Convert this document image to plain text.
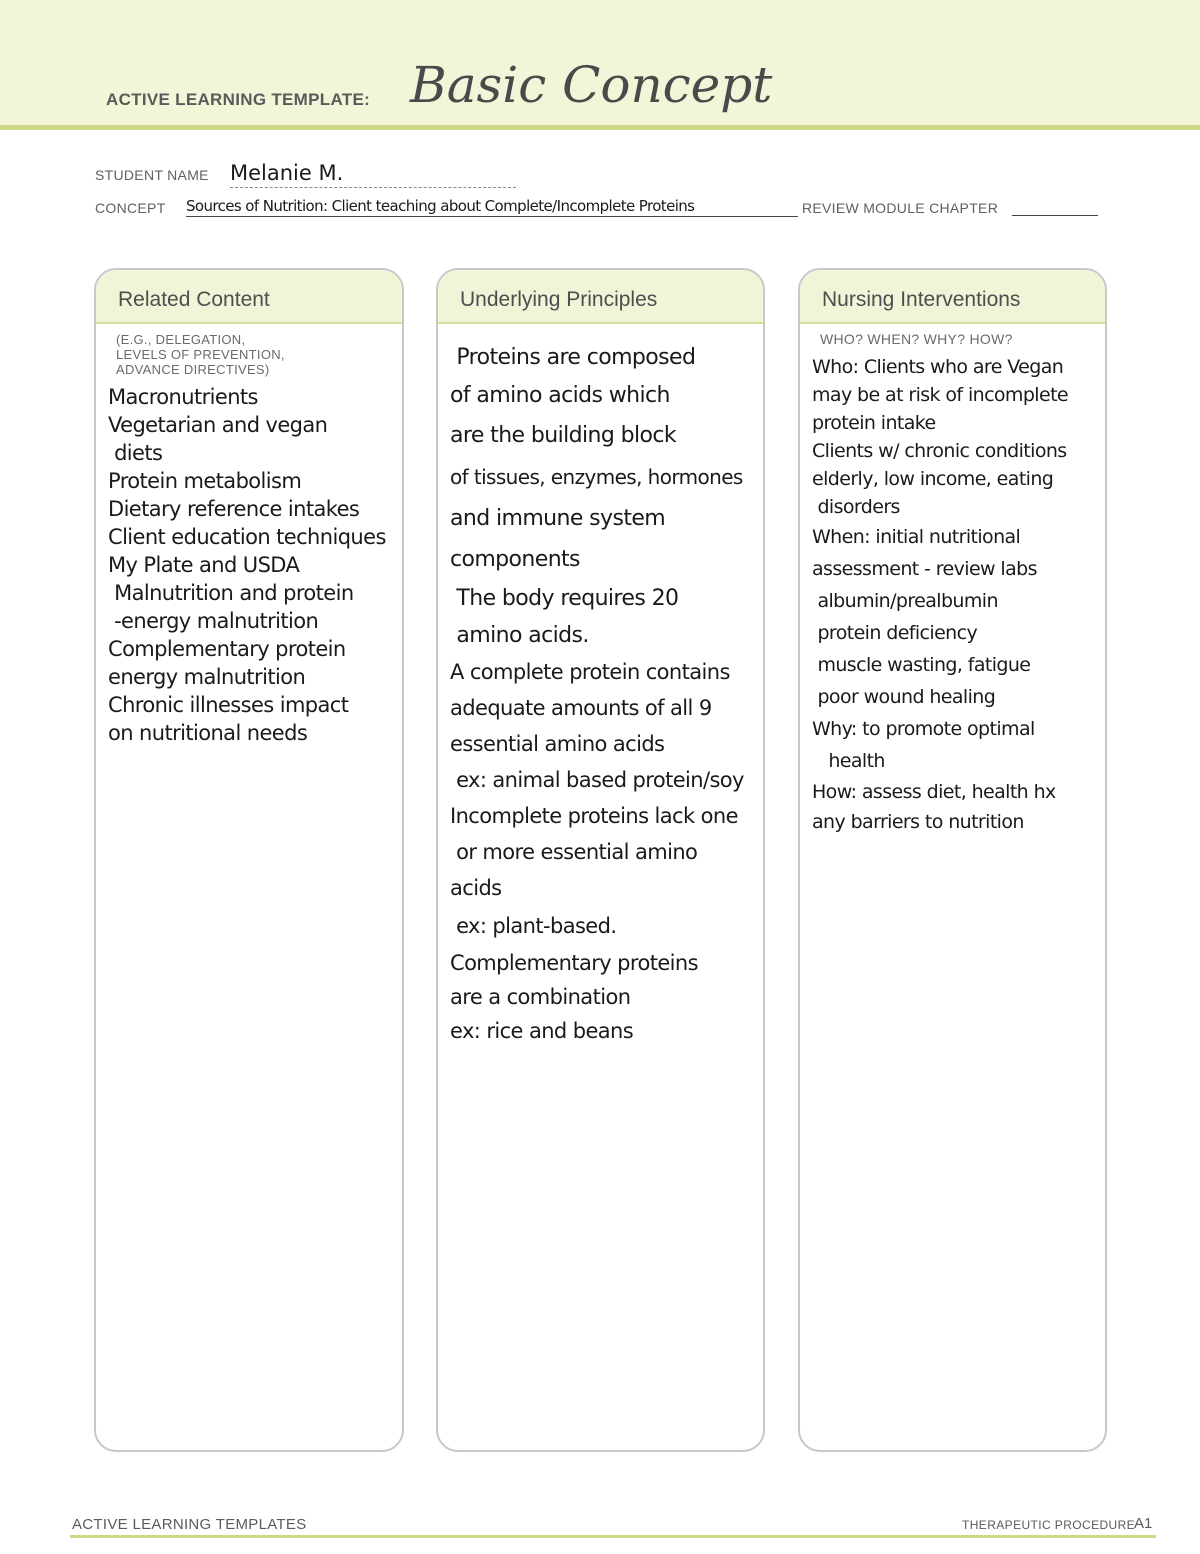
ACTIVE LEARNING TEMPLATE: Basic Concept
STUDENT NAME Melanie M.
CONCEPT Sources of Nutrition: Client teaching about Complete/Incomplete Proteins	REVIEW MODULE CHAPTER
Related Content
(E.G., DELEGATION,
LEVELS OF PREVENTION,
ADVANCE DIRECTIVES)
Macronutrients
Vegetarian and vegan
diets
Protein metabolism
Dietary reference intakes
Client education techniques
My Plate and USDA
Malnutrition and protein
-energy malnutrition
Complementary protein
energy malnutrition
Chronic illnesses impact
on nutritional needs
Underlying Principles
Proteins are composed
of amino acids which
are the building block
of tissues, enzymes, hormones
and immune system
components
The body requires 20
amino acids.
A complete protein contains
adequate amounts of all 9
essential amino acids
ex: animal based protein/soy
Incomplete proteins lack one
or more essential amino acids
ex: plant-based.
Complementary proteins
are a combination
ex: rice and beans
Nursing Interventions
WHO? WHEN? WHY? HOW?
Who: Clients who are Vegan
may be at risk of incomplete
protein intake
Clients w/ chronic conditions
elderly, low income, eating
disorders
When: initial nutritional
assessment - review labs
albumin/prealbumin
protein deficiency
muscle wasting, fatigue
poor wound healing
Why: to promote optimal
health
How: assess diet, health hx
any barriers to nutrition
ACTIVE LEARNING TEMPLATES	THERAPEUTIC PROCEDURE
A1
